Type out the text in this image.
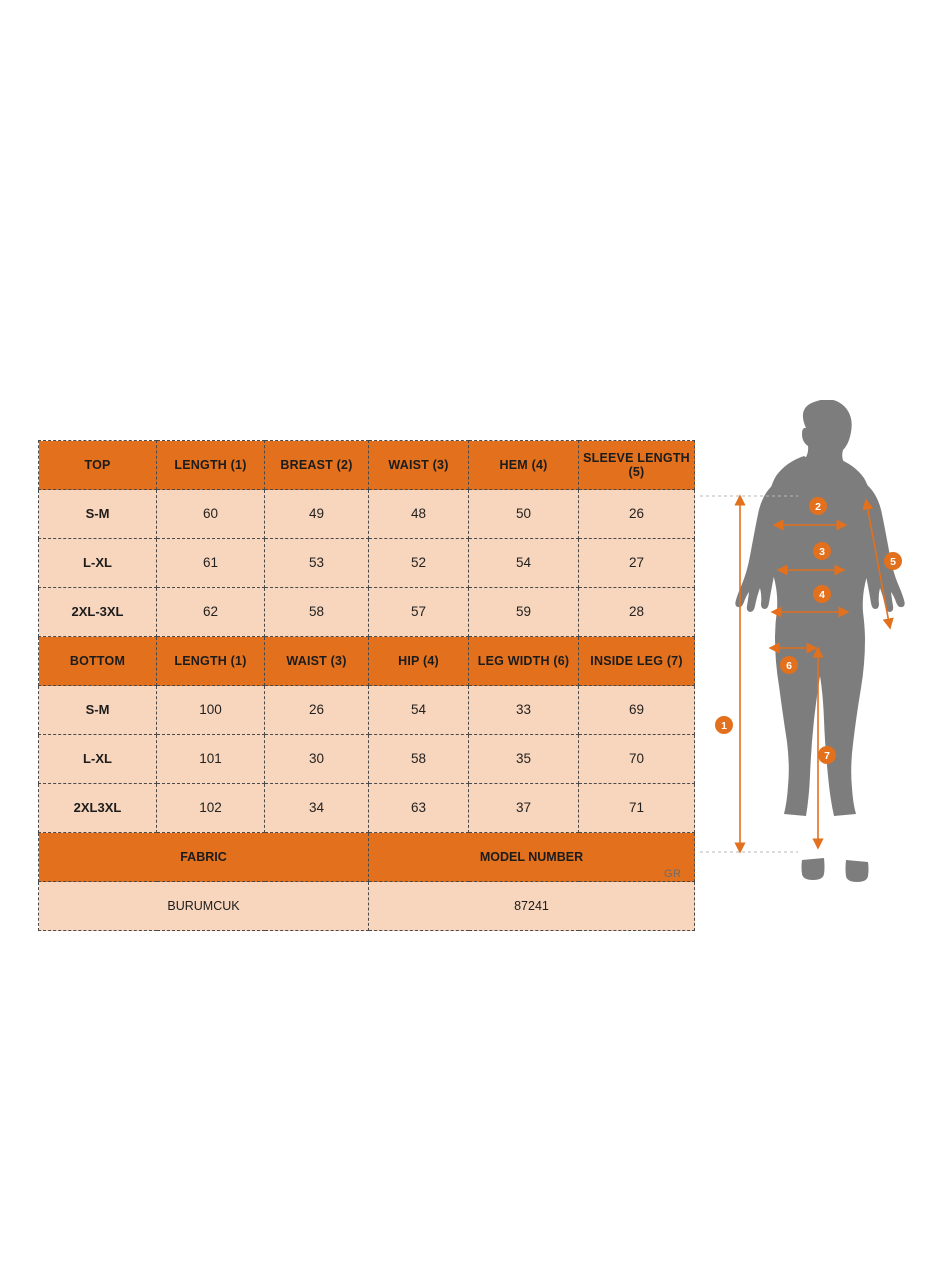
TOP	LENGTH (1)	BREAST (2)	WAIST (3)	HEM (4)	SLEEVE LENGTH (5)
S-M	60	49	48	50	26
L-XL	61	53	52	54	27
2XL-3XL	62	58	57	59	28
BOTTOM	LENGTH (1)	WAIST (3)	HIP (4)	LEG WIDTH (6)	INSIDE LEG (7)
S-M	100	26	54	33	69
L-XL	101	30	58	35	70
2XL3XL	102	34	63	37	71
FABRIC			MODEL NUMBER		
BURUMCUK			87241		
GR
1
2
3
4
5
6
7
